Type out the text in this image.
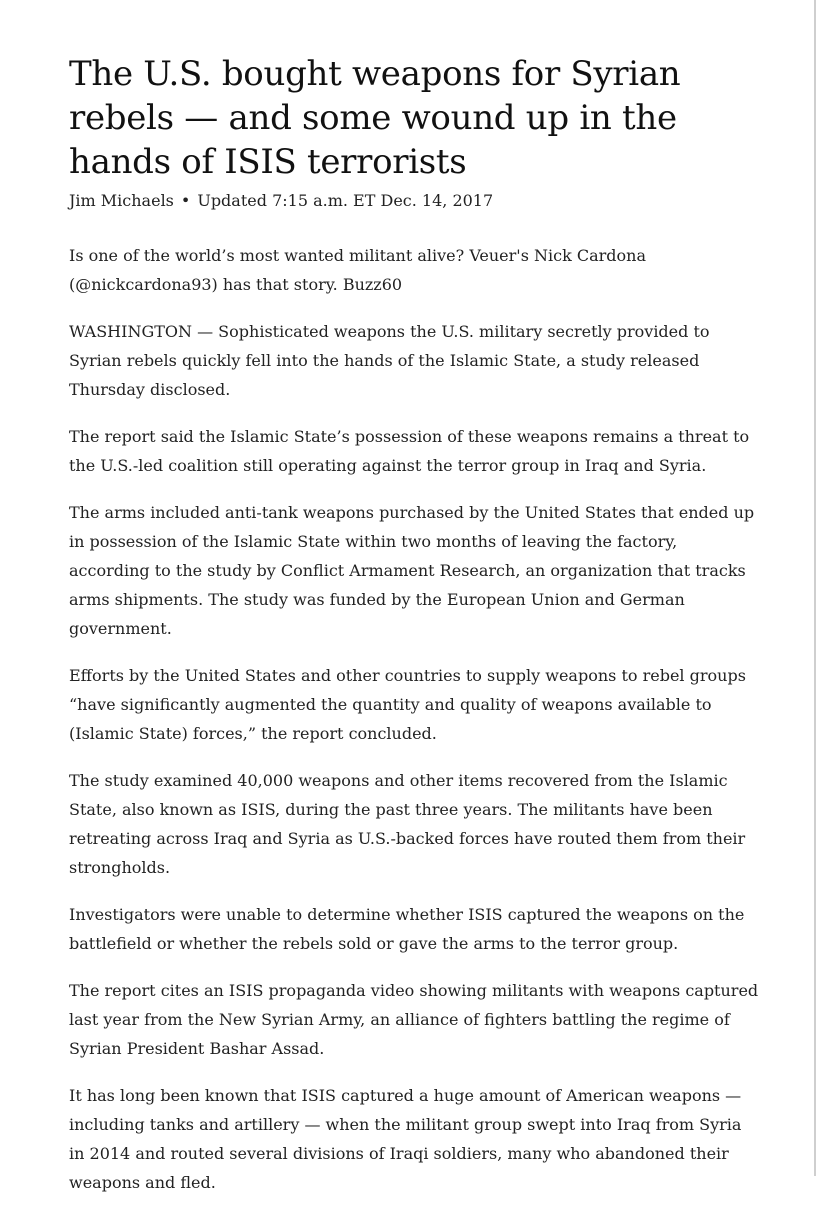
The U.S. bought weapons for Syrian rebels — and some wound up in the hands of ISIS terrorists
Jim Michaels • Updated 7:15 a.m. ET Dec. 14, 2017

Is one of the world’s most wanted militant alive? Veuer's Nick Cardona (@nickcardona93) has that story. Buzz60

WASHINGTON — Sophisticated weapons the U.S. military secretly provided to Syrian rebels quickly fell into the hands of the Islamic State, a study released Thursday disclosed.

The report said the Islamic State’s possession of these weapons remains a threat to the U.S.-led coalition still operating against the terror group in Iraq and Syria.

The arms included anti-tank weapons purchased by the United States that ended up in possession of the Islamic State within two months of leaving the factory, according to the study by Conflict Armament Research, an organization that tracks arms shipments. The study was funded by the European Union and German government.

Efforts by the United States and other countries to supply weapons to rebel groups “have significantly augmented the quantity and quality of weapons available to (Islamic State) forces,” the report concluded.

The study examined 40,000 weapons and other items recovered from the Islamic State, also known as ISIS, during the past three years. The militants have been retreating across Iraq and Syria as U.S.-backed forces have routed them from their strongholds.

Investigators were unable to determine whether ISIS captured the weapons on the battlefield or whether the rebels sold or gave the arms to the terror group.

The report cites an ISIS propaganda video showing militants with weapons captured last year from the New Syrian Army, an alliance of fighters battling the regime of Syrian President Bashar Assad.

It has long been known that ISIS captured a huge amount of American weapons — including tanks and artillery — when the militant group swept into Iraq from Syria in 2014 and routed several divisions of Iraqi soldiers, many who abandoned their weapons and fled.
